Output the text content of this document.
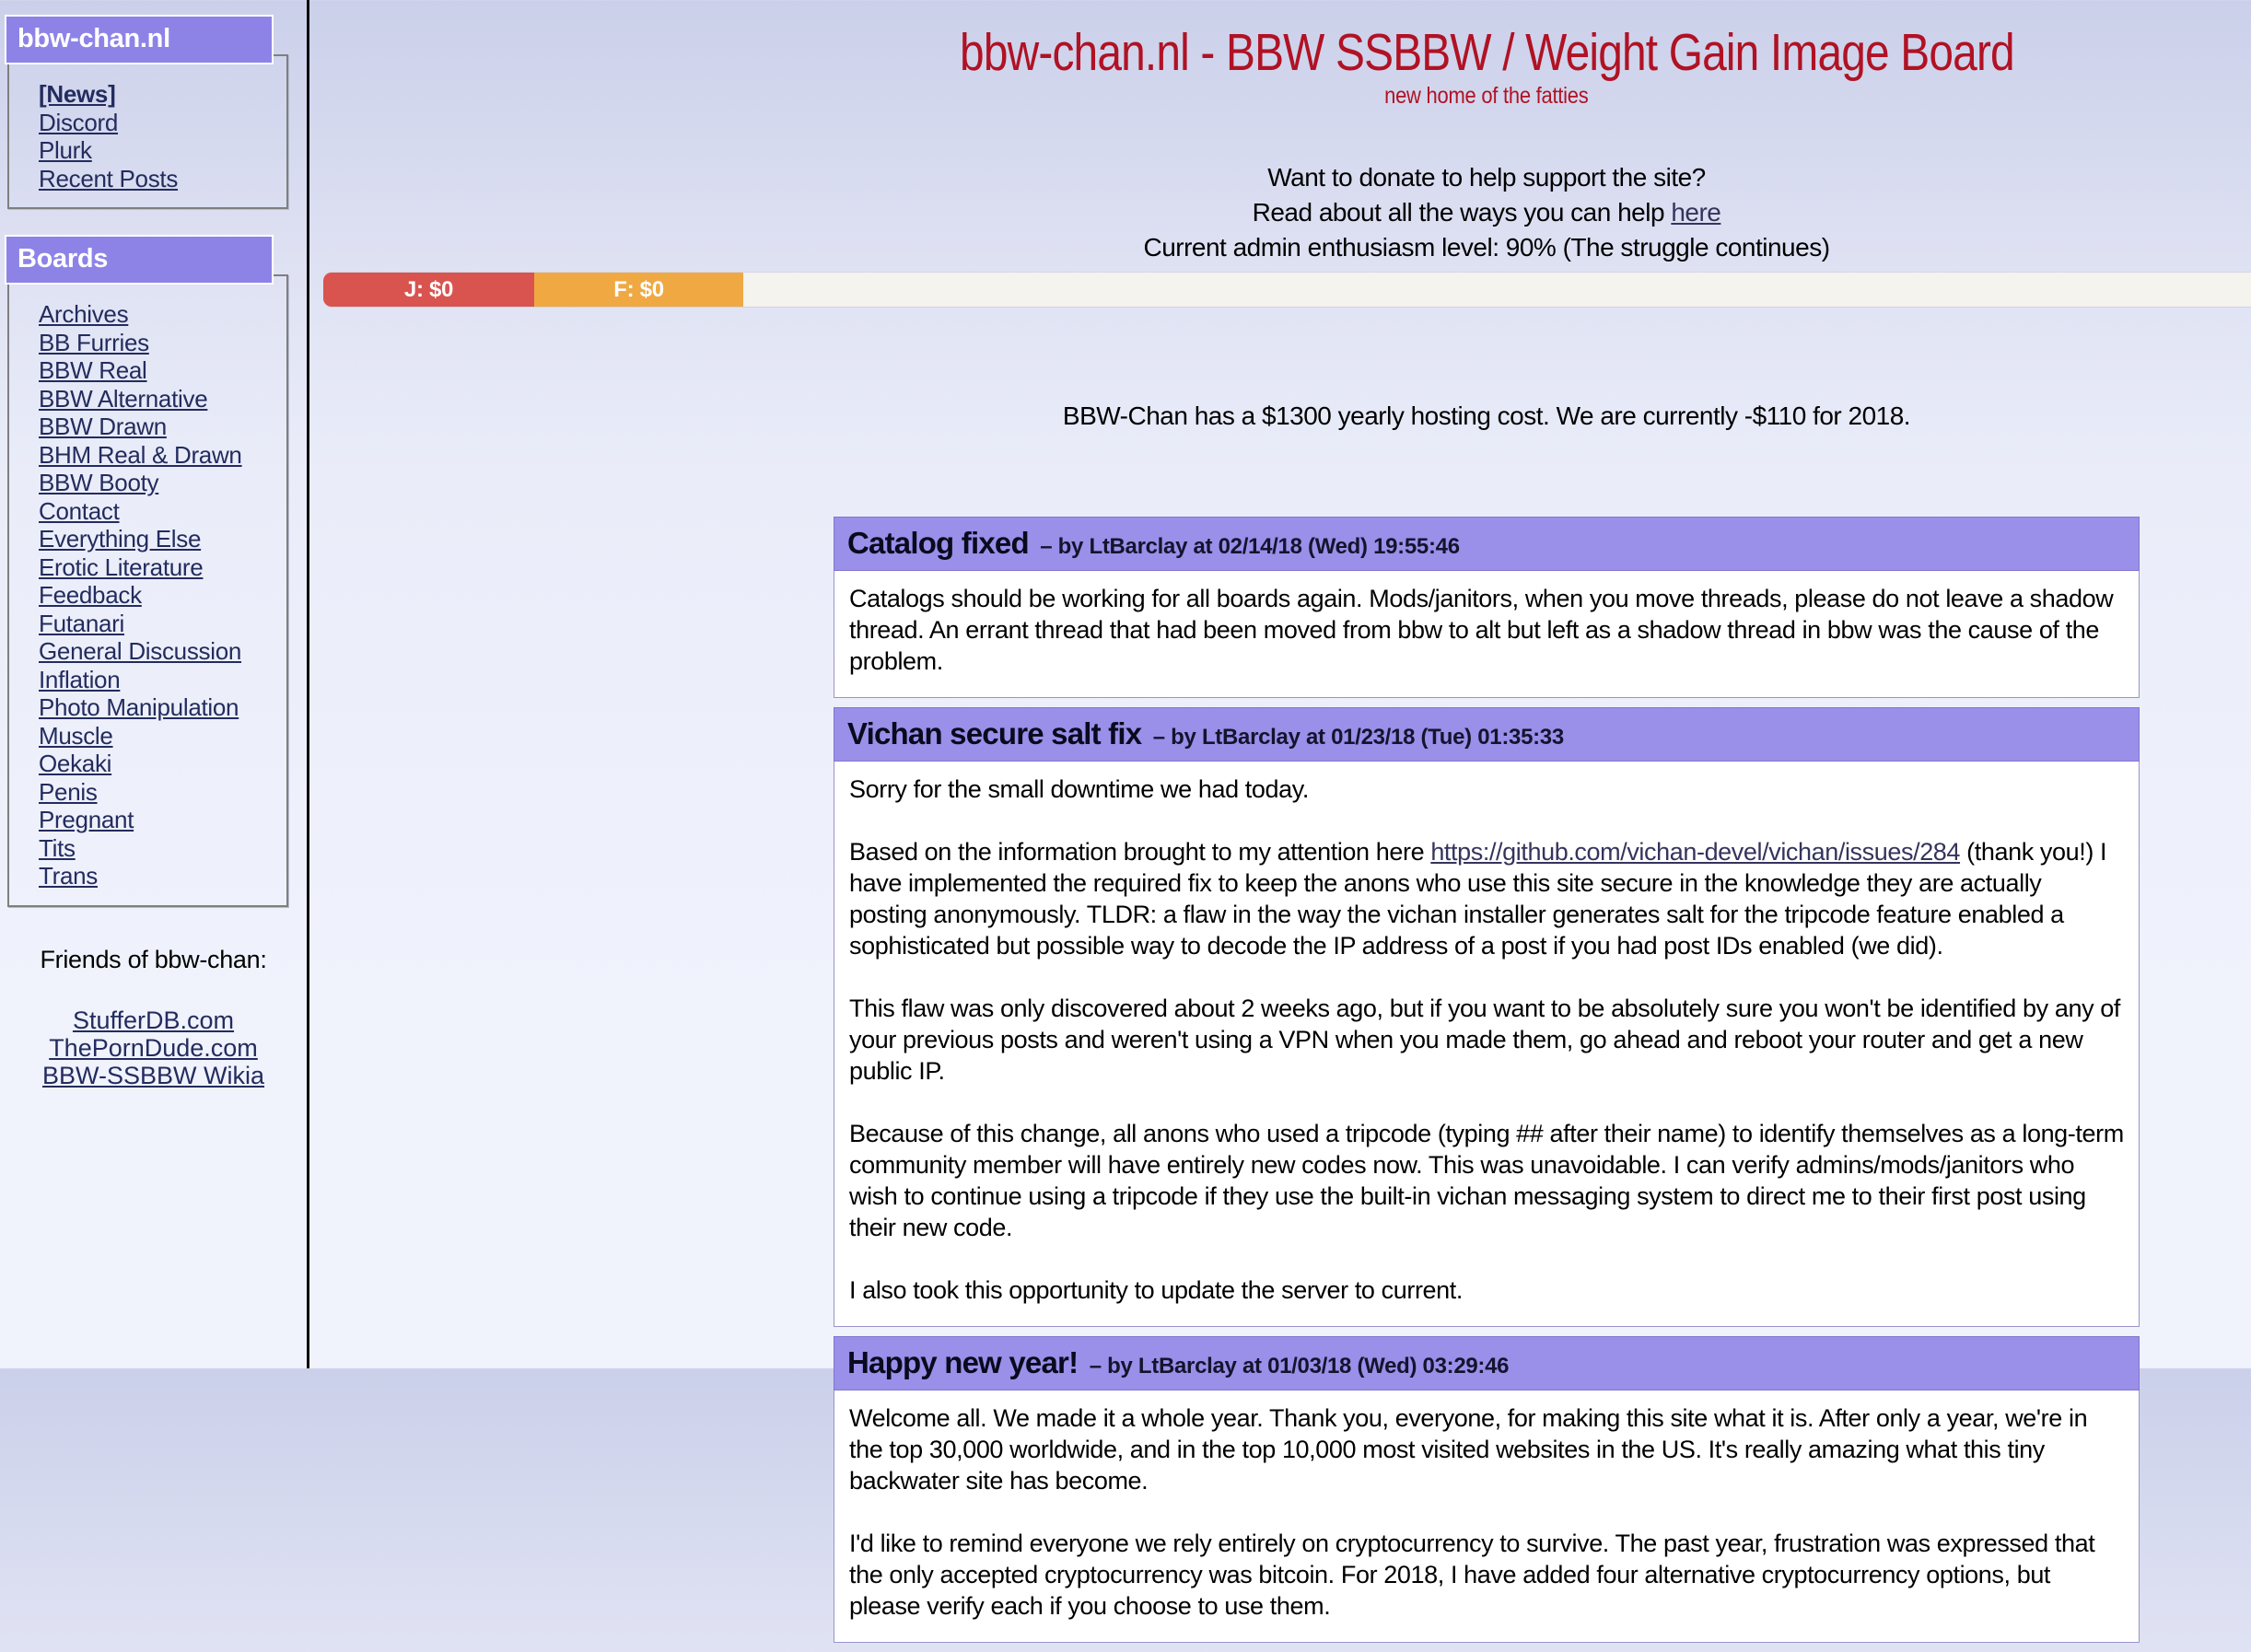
bbw-chan.nl
[News]
Discord
Plurk
Recent Posts
Boards
Archives
BB Furries
BBW Real
BBW Alternative
BBW Drawn
BHM Real & Drawn
BBW Booty
Contact
Everything Else
Erotic Literature
Feedback
Futanari
General Discussion
Inflation
Photo Manipulation
Muscle
Oekaki
Penis
Pregnant
Tits
Trans
Friends of bbw-chan:
StufferDB.com
ThePornDude.com
BBW-SSBBW Wikia
J: $0	F: $0
bbw-chan.nl - BBW SSBBW / Weight Gain Image Board
new home of the fatties
Want to donate to help support the site?
Read about all the ways you can help here
Current admin enthusiasm level: 90% (The struggle continues)
BBW-Chan has a $1300 yearly hosting cost. We are currently -$110 for 2018.
Catalog fixed – by LtBarclay at 02/14/18 (Wed) 19:55:46

Catalogs should be working for all boards again. Mods/janitors, when you move threads, please do not leave a shadow thread. An errant thread that had been moved from bbw to alt but left as a shadow thread in bbw was the cause of the problem.

Vichan secure salt fix – by LtBarclay at 01/23/18 (Tue) 01:35:33

Sorry for the small downtime we had today.

Based on the information brought to my attention here https://github.com/vichan-devel/vichan/issues/284 (thank you!) I have implemented the required fix to keep the anons who use this site secure in the knowledge they are actually posting anonymously. TLDR: a flaw in the way the vichan installer generates salt for the tripcode feature enabled a sophisticated but possible way to decode the IP address of a post if you had post IDs enabled (we did).

This flaw was only discovered about 2 weeks ago, but if you want to be absolutely sure you won't be identified by any of your previous posts and weren't using a VPN when you made them, go ahead and reboot your router and get a new public IP.

Because of this change, all anons who used a tripcode (typing ## after their name) to identify themselves as a long-term community member will have entirely new codes now. This was unavoidable. I can verify admins/mods/janitors who wish to continue using a tripcode if they use the built-in vichan messaging system to direct me to their first post using their new code.

I also took this opportunity to update the server to current.

Happy new year! – by LtBarclay at 01/03/18 (Wed) 03:29:46

Welcome all. We made it a whole year. Thank you, everyone, for making this site what it is. After only a year, we're in the top 30,000 worldwide, and in the top 10,000 most visited websites in the US. It's really amazing what this tiny backwater site has become.

I'd like to remind everyone we rely entirely on cryptocurrency to survive. The past year, frustration was expressed that the only accepted cryptocurrency was bitcoin. For 2018, I have added four alternative cryptocurrency options, but please verify each if you choose to use them.
